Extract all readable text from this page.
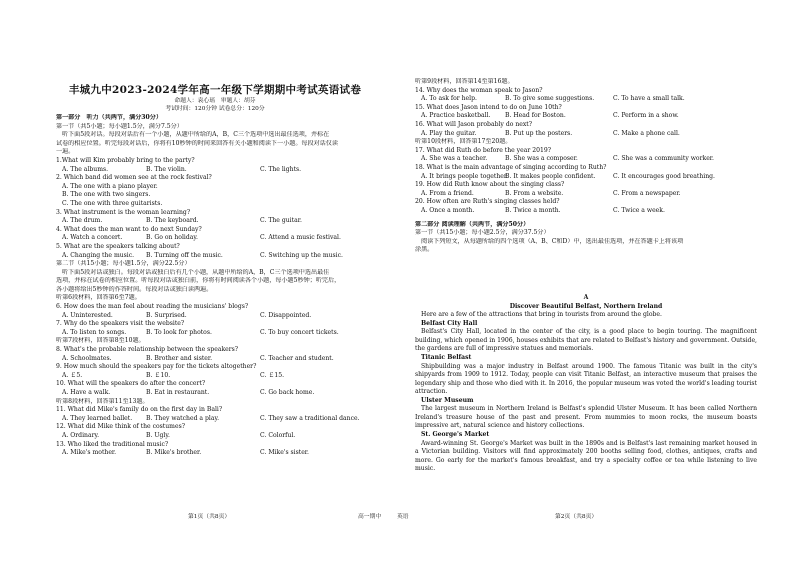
丰城九中2023-2024学年高一年级下学期期中考试英语试卷
命题人：袁心瑶　审题人：胡芬
考试时间：120分钟 试卷总分：120分
第一部分　听力（共两节，满分30分）
第一节（共5小题；每小题1.5分，满分7.5分）
听下面5段对话。每段对话后有一个小题，从题中所给的A，B，C三个选项中选出最佳选项，并标在
试卷的相应位置。听完每段对话后，你将有10秒钟的时间来回答有关小题和阅读下一小题。每段对话仅读
一遍。
1.What will Kim probably bring to the party?
A. The albums.	B. The violin.	C. The lights.
2. Which band did women see at the rock festival?
A. The one with a piano player.
B. The one with two singers.
C. The one with three guitarists.
3. What instrument is the woman learning?
A. The drum.	B. The keyboard.	C. The guitar.
4. What does the man want to do next Sunday?
A. Watch a concert.	B. Go on holiday.	C. Attend a music festival.
5. What are the speakers talking about?
A. Changing the music.	B. Turning off the music.	C. Switching up the music.
第二节（共15小题；每小题1.5分，满分22.5分）
听下面5段对话或独白。每段对话或独白后有几个小题，从题中所给的A，B，C三个选项中选出最佳
选项，并标在试卷的相应位置。听每段对话或独白前，你将有时间阅读各个小题，每小题5秒钟；听完后，
各小题将给出5秒钟的作答时间。每段对话或独白读两遍。
听第6段材料，回答第6至7题。
6. How does the man feel about reading the musicians' blogs?
A. Uninterested.	B. Surprised.	C. Disappointed.
7. Why do the speakers visit the website?
A. To listen to songs.	B. To look for photos.	C. To buy concert tickets.
听第7段材料，回答第8至10题。
8. What's the probable relationship between the speakers?
A. Schoolmates.	B. Brother and sister.	C. Teacher and student.
9. How much should the speakers pay for the tickets altogether?
A. ￡5.	B. ￡10.	C. ￡15.
10. What will the speakers do after the concert?
A. Have a walk.	B. Eat in restaurant.	C. Go back home.
听第8段材料，回答第11至13题。
11. What did Mike's family do on the first day in Bali?
A. They learned ballet.	B. They watched a play.	C. They saw a traditional dance.
12. What did Mike think of the costumes?
A. Ordinary.	B. Ugly.	C. Colorful.
13. Who liked the traditional music?
A. Mike's mother.	B. Mike's brother.	C. Mike's sister.
第1页（共8页）
听第9段材料，回答第14至第16题。
14. Why does the woman speak to Jason?
A. To ask for help.	B. To give some suggestions.	C. To have a small talk.
15. What does Jason intend to do on June 10th?
A. Practice basketball.	B. Head for Boston.	C. Perform in a show.
16. What will Jason probably do next?
A. Play the guitar.	B. Put up the posters.	C. Make a phone call.
听第10段材料，回答第17至20题。
17. What did Ruth do before the year 2019?
A. She was a teacher.	B. She was a composer.	C. She was a community worker.
18. What is the main advantage of singing according to Ruth?
A. It brings people together.
B. It makes people confident.	C. It encourages good breathing.
19. How did Ruth know about the singing class?
A. From a friend.	B. From a website.	C. From a newspaper.
20. How often are Ruth's singing classes held?
A. Once a month.	B. Twice a month.	C. Twice a week.
第二部分 阅读理解（共两节，满分50分）
第一节（共15小题；每小题2.5分，满分37.5分）
阅读下列短文，从每题所给的四个选项（A、B、C和D）中，选出最佳选项，并在答题卡上将该项
涂黑。
A
Discover Beautiful Belfast, Northern Ireland
Here are a few of the attractions that bring in tourists from around the globe.
Belfast City Hall
Belfast's City Hall, located in the center of the city, is a good place to begin touring. The magnificent building, which opened in 1906, houses exhibits that are related to Belfast's history and government. Outside, the gardens are full of impressive statues and memorials.
Titanic Belfast
Shipbuilding was a major industry in Belfast around 1900. The famous Titanic was built in the city's shipyards from 1909 to 1912. Today, people can visit Titanic Belfast, an interactive museum that praises the legendary ship and those who died with it. In 2016, the popular museum was voted the world's leading tourist attraction.
Ulster Museum
The largest museum in Northern Ireland is Belfast's splendid Ulster Museum. It has been called Northern Ireland's treasure house of the past and present. From mummies to moon rocks, the museum boasts impressive art, natural science and history collections.
St. George's Market
Award-winning St. George's Market was built in the 1890s and is Belfast's last remaining market housed in a Victorian building. Visitors will find approximately 200 booths selling food, clothes, antiques, crafts and more. Go early for the market's famous breakfast, and try a specialty coffee or tea while listening to live music.
第2页（共8页）
高一期中	英语
